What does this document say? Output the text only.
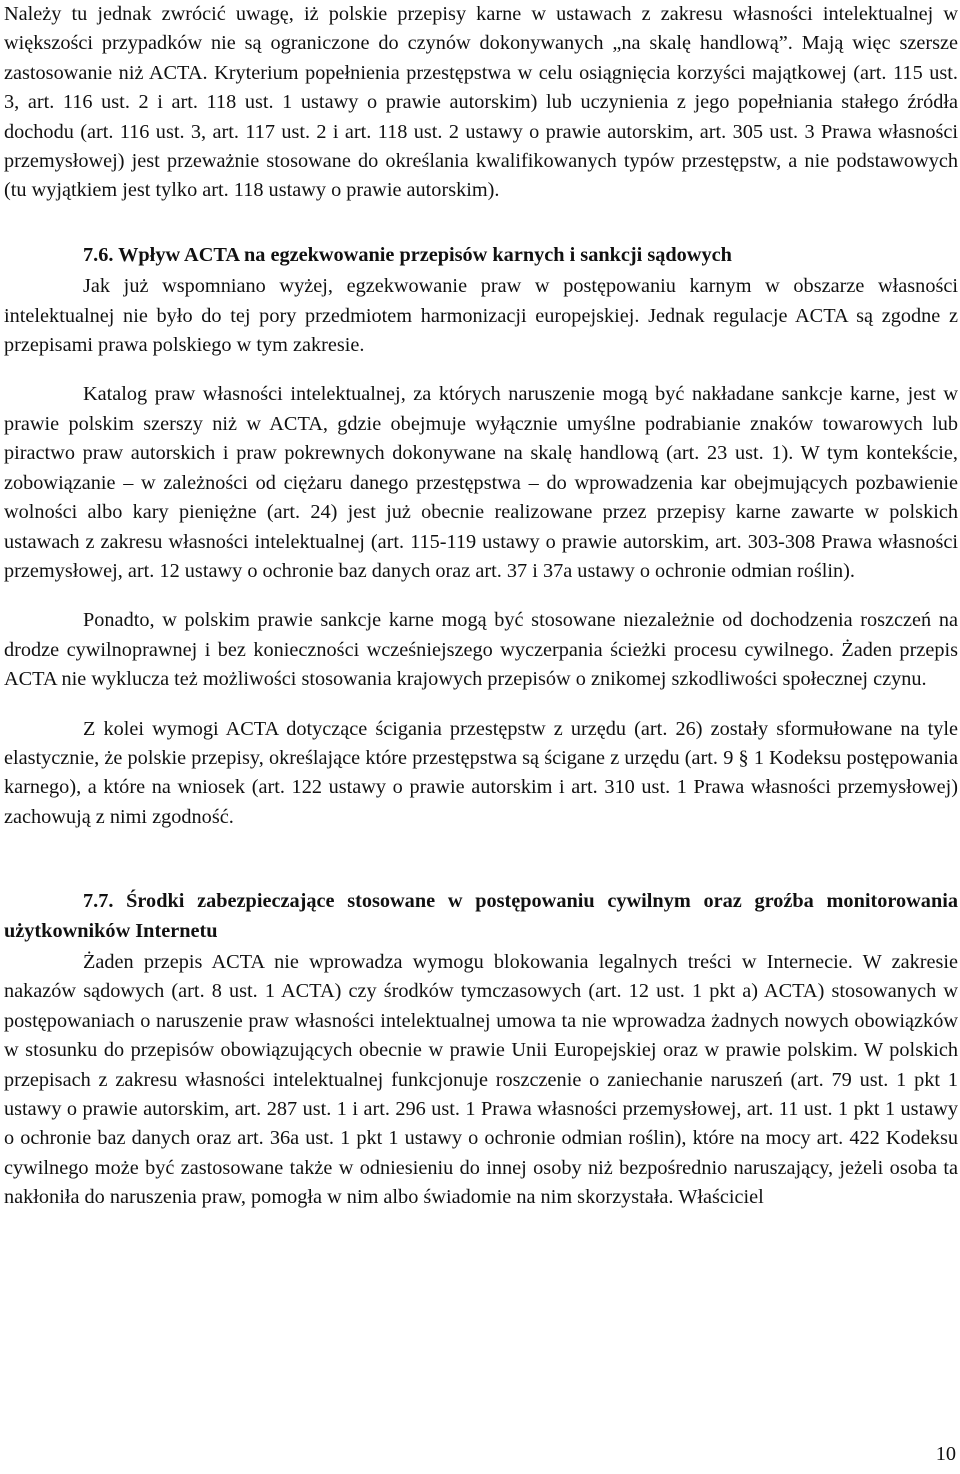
Należy tu jednak zwrócić uwagę, iż polskie przepisy karne w ustawach z zakresu własności intelektualnej w większości przypadków nie są ograniczone do czynów dokonywanych „na skalę handlową”. Mają więc szersze zastosowanie niż ACTA. Kryterium popełnienia przestępstwa w celu osiągnięcia korzyści majątkowej (art. 115 ust. 3, art. 116 ust. 2 i art. 118 ust. 1 ustawy o prawie autorskim) lub uczynienia z jego popełniania stałego źródła dochodu (art. 116 ust. 3, art. 117 ust. 2 i art. 118 ust. 2 ustawy o prawie autorskim, art. 305 ust. 3 Prawa własności przemysłowej) jest przeważnie stosowane do określania kwalifikowanych typów przestępstw, a nie podstawowych (tu wyjątkiem jest tylko art. 118 ustawy o prawie autorskim).

7.6. Wpływ ACTA na egzekwowanie przepisów karnych i sankcji sądowych

Jak już wspomniano wyżej, egzekwowanie praw w postępowaniu karnym w obszarze własności intelektualnej nie było do tej pory przedmiotem harmonizacji europejskiej. Jednak regulacje ACTA są zgodne z przepisami prawa polskiego w tym zakresie.

Katalog praw własności intelektualnej, za których naruszenie mogą być nakładane sankcje karne, jest w prawie polskim szerszy niż w ACTA, gdzie obejmuje wyłącznie umyślne podrabianie znaków towarowych lub piractwo praw autorskich i praw pokrewnych dokonywane na skalę handlową (art. 23 ust. 1). W tym kontekście, zobowiązanie – w zależności od ciężaru danego przestępstwa – do wprowadzenia kar obejmujących pozbawienie wolności albo kary pieniężne (art. 24) jest już obecnie realizowane przez przepisy karne zawarte w polskich ustawach z zakresu własności intelektualnej (art. 115-119 ustawy o prawie autorskim, art. 303-308 Prawa własności przemysłowej, art. 12 ustawy o ochronie baz danych oraz art. 37 i 37a ustawy o ochronie odmian roślin).

Ponadto, w polskim prawie sankcje karne mogą być stosowane niezależnie od dochodzenia roszczeń na drodze cywilnoprawnej i bez konieczności wcześniejszego wyczerpania ścieżki procesu cywilnego. Żaden przepis ACTA nie wyklucza też możliwości stosowania krajowych przepisów o znikomej szkodliwości społecznej czynu.

Z kolei wymogi ACTA dotyczące ścigania przestępstw z urzędu (art. 26) zostały sformułowane na tyle elastycznie, że polskie przepisy, określające które przestępstwa są ścigane z urzędu (art. 9 § 1 Kodeksu postępowania karnego), a które na wniosek (art. 122 ustawy o prawie autorskim i art. 310 ust. 1 Prawa własności przemysłowej) zachowują z nimi zgodność.

7.7. Środki zabezpieczające stosowane w postępowaniu cywilnym oraz groźba monitorowania użytkowników Internetu

Żaden przepis ACTA nie wprowadza wymogu blokowania legalnych treści w Internecie. W zakresie nakazów sądowych (art. 8 ust. 1 ACTA) czy środków tymczasowych (art. 12 ust. 1 pkt a) ACTA) stosowanych w postępowaniach o naruszenie praw własności intelektualnej umowa ta nie wprowadza żadnych nowych obowiązków w stosunku do przepisów obowiązujących obecnie w prawie Unii Europejskiej oraz w prawie polskim. W polskich przepisach z zakresu własności intelektualnej funkcjonuje roszczenie o zaniechanie naruszeń (art. 79 ust. 1 pkt 1 ustawy o prawie autorskim, art. 287 ust. 1 i art. 296 ust. 1 Prawa własności przemysłowej, art. 11 ust. 1 pkt 1 ustawy o ochronie baz danych oraz art. 36a ust. 1 pkt 1 ustawy o ochronie odmian roślin), które na mocy art. 422 Kodeksu cywilnego może być zastosowane także w odniesieniu do innej osoby niż bezpośrednio naruszający, jeżeli osoba ta nakłoniła do naruszenia praw, pomogła w nim albo świadomie na nim skorzystała. Właściciel

10
